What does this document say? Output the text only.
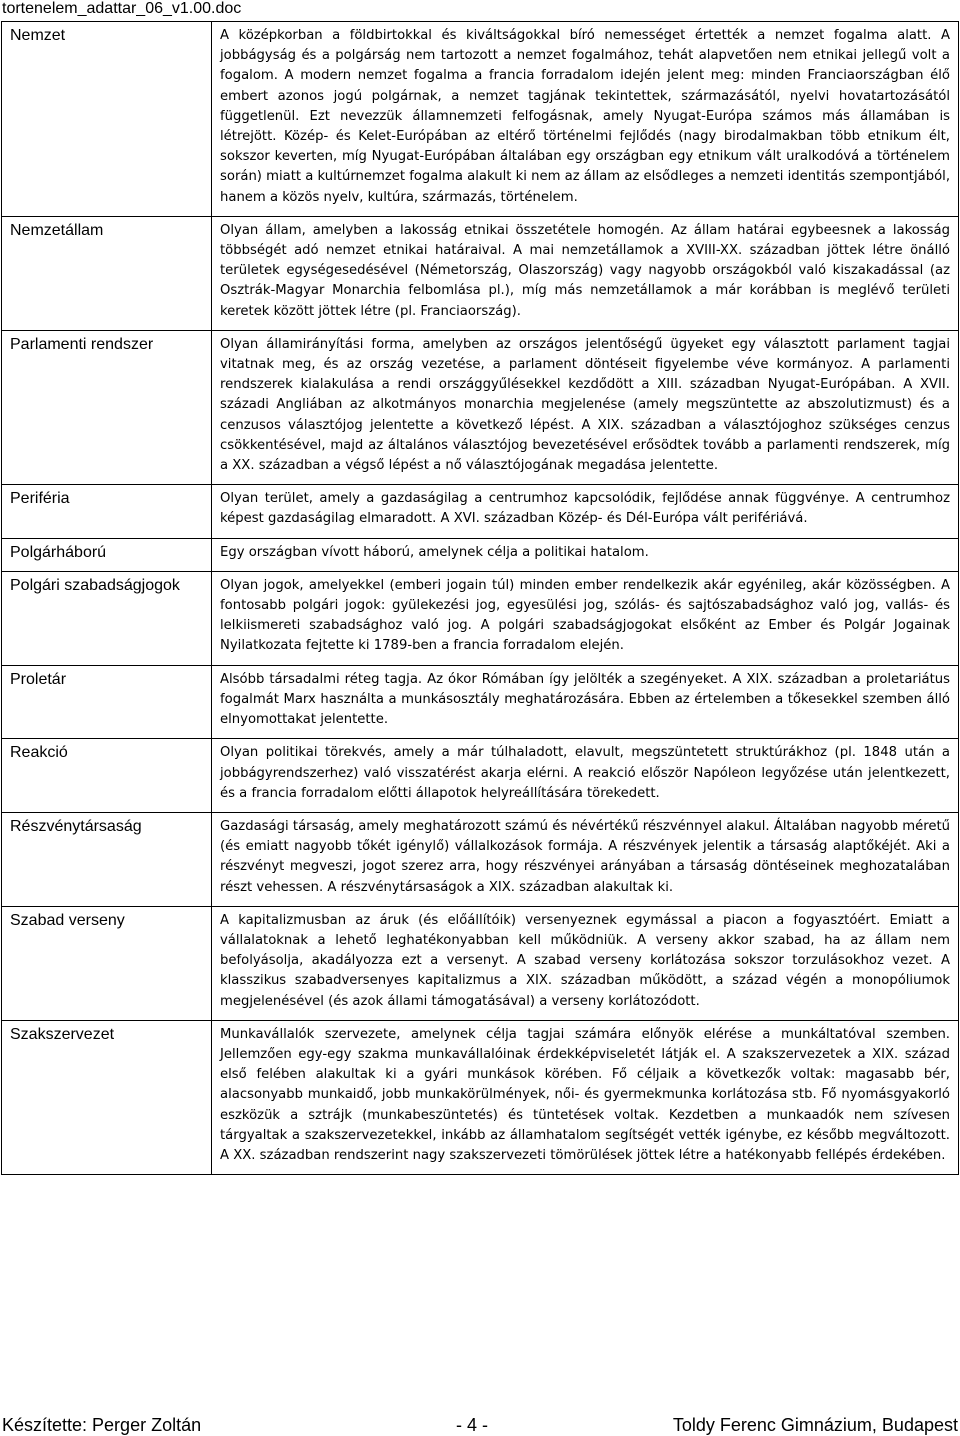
tortenelem_adattar_06_v1.00.doc
Nemzet	A középkorban a földbirtokkal és kiváltságokkal bíró nemességet értették a nemzet fogalma alatt. A jobbágyság és a polgárság nem tartozott a nemzet fogalmához, tehát alapvetően nem etnikai jellegű volt a fogalom. A modern nemzet fogalma a francia forradalom idején jelent meg: minden Franciaországban élő embert azonos jogú polgárnak, a nemzet tagjának tekintettek, származásától, nyelvi hovatartozásától függetlenül. Ezt nevezzük államnemzeti felfogásnak, amely Nyugat-Európa számos más államában is létrejött. Közép- és Kelet-Európában az eltérő történelmi fejlődés (nagy birodalmakban több etnikum élt, sokszor keverten, míg Nyugat-Európában általában egy országban egy etnikum vált uralkodóvá a történelem során) miatt a kultúrnemzet fogalma alakult ki nem az állam az elsődleges a nemzeti identitás szempontjából, hanem a közös nyelv, kultúra, származás, történelem.
Nemzetállam	Olyan állam, amelyben a lakosság etnikai összetétele homogén. Az állam határai egybeesnek a lakosság többségét adó nemzet etnikai határaival. A mai nemzetállamok a XVIII-XX. században jöttek létre önálló területek egységesedésével (Németország, Olaszország) vagy nagyobb országokból való kiszakadással (az Osztrák-Magyar Monarchia felbomlása pl.), míg más nemzetállamok a már korábban is meglévő területi keretek között jöttek létre (pl. Franciaország).
Parlamenti rendszer	Olyan államirányítási forma, amelyben az országos jelentőségű ügyeket egy választott parlament tagjai vitatnak meg, és az ország vezetése, a parlament döntéseit figyelembe véve kormányoz. A parlamenti rendszerek kialakulása a rendi országgyűlésekkel kezdődött a XIII. században Nyugat-Európában. A XVII. századi Angliában az alkotmányos monarchia megjelenése (amely megszüntette az abszolutizmust) és a cenzusos választójog jelentette a következő lépést. A XIX. században a választójoghoz szükséges cenzus csökkentésével, majd az általános választójog bevezetésével erősödtek tovább a parlamenti rendszerek, míg a XX. században a végső lépést a nő választójogának megadása jelentette.
Periféria	Olyan terület, amely a gazdaságilag a centrumhoz kapcsolódik, fejlődése annak függvénye. A centrumhoz képest gazdaságilag elmaradott. A XVI. században Közép- és Dél-Európa vált perifériává.
Polgárháború	Egy országban vívott háború, amelynek célja a politikai hatalom.
Polgári szabadságjogok	Olyan jogok, amelyekkel (emberi jogain túl) minden ember rendelkezik akár egyénileg, akár közösségben. A fontosabb polgári jogok: gyülekezési jog, egyesülési jog, szólás- és sajtószabadsághoz való jog, vallás- és lelkiismereti szabadsághoz való jog. A polgári szabadságjogokat elsőként az Ember és Polgár Jogainak Nyilatkozata fejtette ki 1789-ben a francia forradalom elején.
Proletár	Alsóbb társadalmi réteg tagja. Az ókor Rómában így jelölték a szegényeket. A XIX. században a proletariátus fogalmát Marx használta a munkásosztály meghatározására. Ebben az értelemben a tőkesekkel szemben álló elnyomottakat jelentette.
Reakció	Olyan politikai törekvés, amely a már túlhaladott, elavult, megszüntetett struktúrákhoz (pl. 1848 után a jobbágyrendszerhez) való visszatérést akarja elérni. A reakció először Napóleon legyőzése után jelentkezett, és a francia forradalom előtti állapotok helyreállítására törekedett.
Részvénytársaság	Gazdasági társaság, amely meghatározott számú és névértékű részvénnyel alakul. Általában nagyobb méretű (és emiatt nagyobb tőkét igénylő) vállalkozások formája. A részvények jelentik a társaság alaptőkéjét. Aki a részvényt megveszi, jogot szerez arra, hogy részvényei arányában a társaság döntéseinek meghozatalában részt vehessen. A részvénytársaságok a XIX. században alakultak ki.
Szabad verseny	A kapitalizmusban az áruk (és előállítóik) versenyeznek egymással a piacon a fogyasztóért. Emiatt a vállalatoknak a lehető leghatékonyabban kell működniük. A verseny akkor szabad, ha az állam nem befolyásolja, akadályozza ezt a versenyt. A szabad verseny korlátozása sokszor torzulásokhoz vezet. A klasszikus szabadversenyes kapitalizmus a XIX. században működött, a század végén a monopóliumok megjelenésével (és azok állami támogatásával) a verseny korlátozódott.
Szakszervezet	Munkavállalók szervezete, amelynek célja tagjai számára előnyök elérése a munkáltatóval szemben. Jellemzően egy-egy szakma munkavállalóinak érdekképviseletét látják el. A szakszervezetek a XIX. század első felében alakultak ki a gyári munkások körében. Fő céljaik a következők voltak: magasabb bér, alacsonyabb munkaidő, jobb munkakörülmények, női- és gyermekmunka korlátozása stb. Fő nyomásgyakorló eszközük a sztrájk (munkabeszüntetés) és tüntetések voltak. Kezdetben a munkaadók nem szívesen tárgyaltak a szakszervezetekkel, inkább az államhatalom segítségét vették igénybe, ez később megváltozott. A XX. században rendszerint nagy szakszervezeti tömörülések jöttek létre a hatékonyabb fellépés érdekében.
Készítette: Perger Zoltán	- 4 -	Toldy Ferenc Gimnázium, Budapest
